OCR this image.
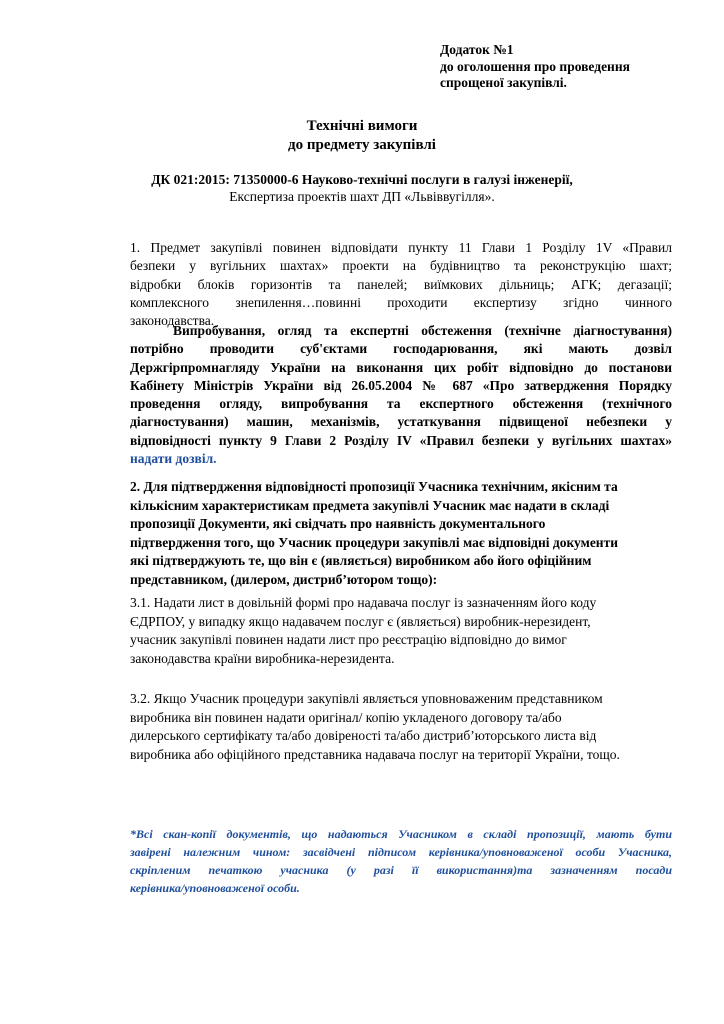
Додаток №1
до оголошення про проведення
спрощеної закупівлі.
Технічні вимоги
до предмету закупівлі
ДК 021:2015: 71350000-6 Науково-технічні послуги в галузі інженерії,
Експертиза проектів шахт ДП «Львіввугілля».
1. Предмет закупівлі повинен відповідати пункту 11 Глави 1 Розділу 1V «Правил
безпеки у вугільних шахтах» проекти на будівництво та реконструкцію шахт;
відробки блоків горизонтів та панелей; виїмкових дільниць; АГК; дегазації;
комплексного знепилення…повинні проходити експертизу згідно чинного
законодавства.
Випробування, огляд та експертні обстеження (технічне діагностування)
потрібно проводити суб'єктами господарювання, які мають дозвіл
Держгірпромнагляду України на виконання цих робіт відповідно до постанови
Кабінету Міністрів України від 26.05.2004 № 687 «Про затвердження Порядку
проведення огляду, випробування та експертного обстеження (технічного
діагностування) машин, механізмів, устаткування підвищеної небезпеки у
відповідності пункту 9 Глави 2 Розділу IV «Правил безпеки у вугільних шахтах»
надати дозвіл.
2. Для підтвердження відповідності пропозиції Учасника технічним, якісним та
кількісним характеристикам предмета закупівлі Учасник має надати в складі
пропозиції Документи, які свідчать про наявність документального
підтвердження того, що Учасник процедури закупівлі має відповідні документи
які підтверджують те, що він є (являється) виробником або його офіційним
представником, (дилером, дистриб’ютором тощо):
3.1. Надати лист в довільній формі про надавача послуг із зазначенням його коду
ЄДРПОУ, у випадку якщо надавачем послуг є (являється) виробник-нерезидент,
учасник закупівлі повинен надати лист про реєстрацію відповідно до вимог
законодавства країни виробника-нерезидента.
3.2. Якщо Учасник процедури закупівлі являється уповноваженим представником
виробника він повинен надати оригінал/ копію укладеного договору та/або
дилерського сертифікату та/або довіреності та/або дистриб’юторського листа від
виробника або офіційного представника надавача послуг на території України, тощо.
*Всі скан-копії документів, що надаються Учасником в складі пропозиції, мають бути
завірені належним чином: засвідчені підписом керівника/уповноваженої особи Учасника,
скріпленим печаткою учасника (у разі її використання)та зазначенням посади
керівника/уповноваженої особи.
